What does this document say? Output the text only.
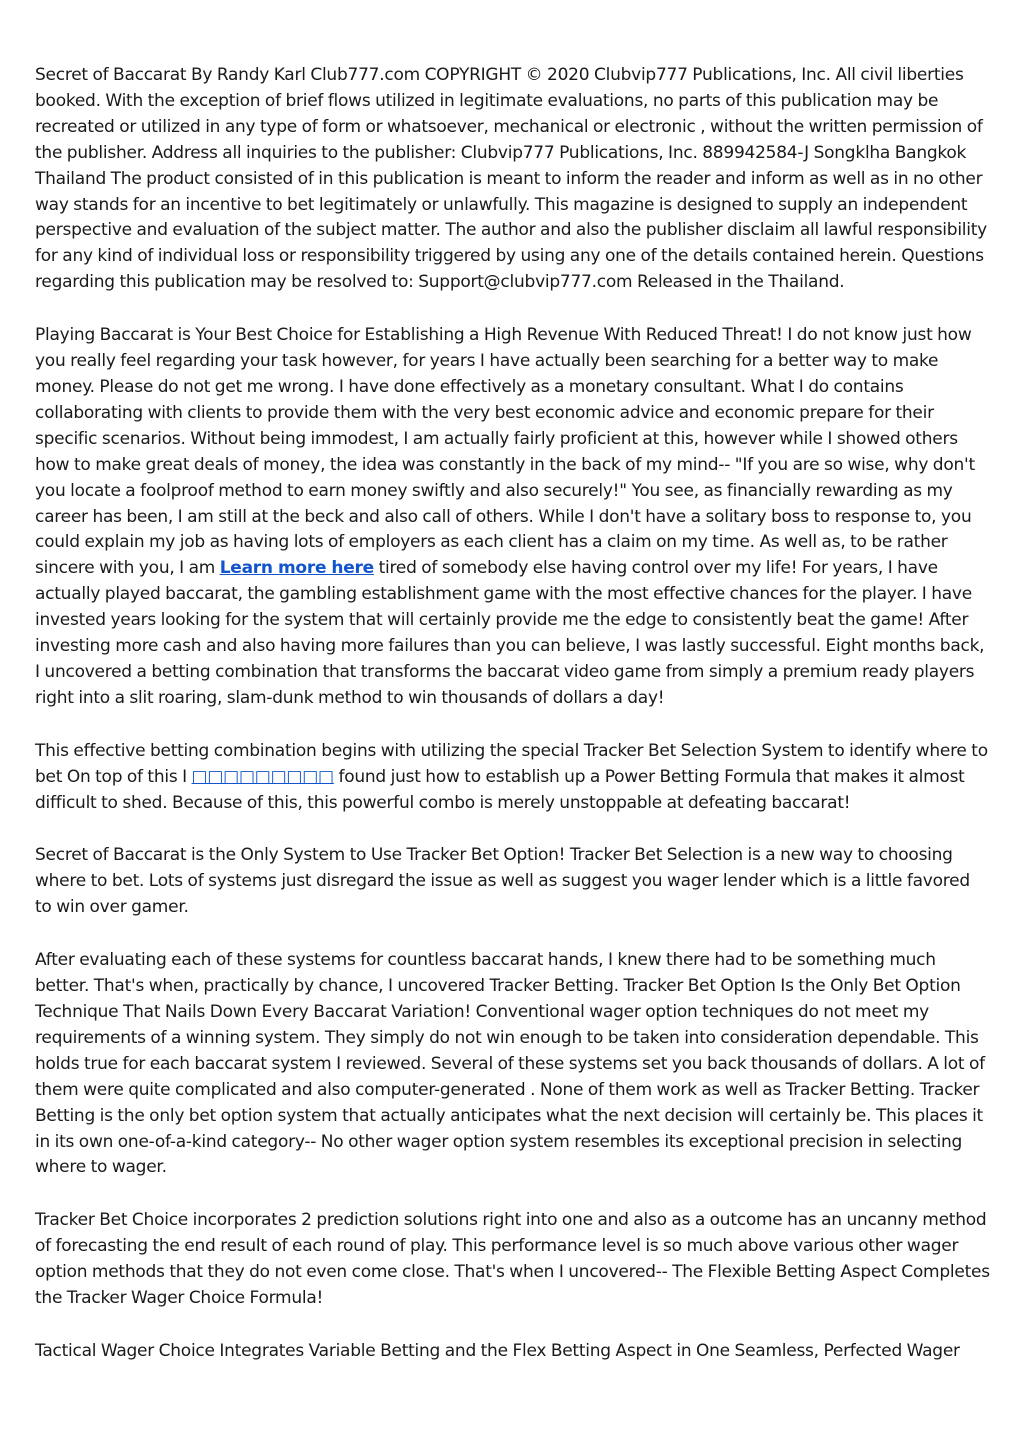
Secret of Baccarat By Randy Karl Club777.com COPYRIGHT © 2020 Clubvip777 Publications, Inc. All civil liberties booked. With the exception of brief flows utilized in legitimate evaluations, no parts of this publication may be recreated or utilized in any type of form or whatsoever, mechanical or electronic , without the written permission of the publisher. Address all inquiries to the publisher: Clubvip777 Publications, Inc. 889942584-J Songklha Bangkok Thailand The product consisted of in this publication is meant to inform the reader and inform as well as in no other way stands for an incentive to bet legitimately or unlawfully. This magazine is designed to supply an independent perspective and evaluation of the subject matter. The author and also the publisher disclaim all lawful responsibility for any kind of individual loss or responsibility triggered by using any one of the details contained herein. Questions regarding this publication may be resolved to: Support@clubvip777.com Released in the Thailand.

Playing Baccarat is Your Best Choice for Establishing a High Revenue With Reduced Threat! I do not know just how you really feel regarding your task however, for years I have actually been searching for a better way to make money. Please do not get me wrong. I have done effectively as a monetary consultant. What I do contains collaborating with clients to provide them with the very best economic advice and economic prepare for their specific scenarios. Without being immodest, I am actually fairly proficient at this, however while I showed others how to make great deals of money, the idea was constantly in the back of my mind-- "If you are so wise, why don't you locate a foolproof method to earn money swiftly and also securely!" You see, as financially rewarding as my career has been, I am still at the beck and also call of others. While I don't have a solitary boss to response to, you could explain my job as having lots of employers as each client has a claim on my time. As well as, to be rather sincere with you, I am Learn more here tired of somebody else having control over my life! For years, I have actually played baccarat, the gambling establishment game with the most effective chances for the player. I have invested years looking for the system that will certainly provide me the edge to consistently beat the game! After investing more cash and also having more failures than you can believe, I was lastly successful. Eight months back, I uncovered a betting combination that transforms the baccarat video game from simply a premium ready players right into a slit roaring, slam-dunk method to win thousands of dollars a day!

This effective betting combination begins with utilizing the special Tracker Bet Selection System to identify where to bet On top of this I □□□□□□□□□ found just how to establish up a Power Betting Formula that makes it almost difficult to shed. Because of this, this powerful combo is merely unstoppable at defeating baccarat!

Secret of Baccarat is the Only System to Use Tracker Bet Option! Tracker Bet Selection is a new way to choosing where to bet. Lots of systems just disregard the issue as well as suggest you wager lender which is a little favored to win over gamer.

After evaluating each of these systems for countless baccarat hands, I knew there had to be something much better. That's when, practically by chance, I uncovered Tracker Betting. Tracker Bet Option Is the Only Bet Option Technique That Nails Down Every Baccarat Variation! Conventional wager option techniques do not meet my requirements of a winning system. They simply do not win enough to be taken into consideration dependable. This holds true for each baccarat system I reviewed. Several of these systems set you back thousands of dollars. A lot of them were quite complicated and also computer-generated . None of them work as well as Tracker Betting. Tracker Betting is the only bet option system that actually anticipates what the next decision will certainly be. This places it in its own one-of-a-kind category-- No other wager option system resembles its exceptional precision in selecting where to wager.

Tracker Bet Choice incorporates 2 prediction solutions right into one and also as a outcome has an uncanny method of forecasting the end result of each round of play. This performance level is so much above various other wager option methods that they do not even come close. That's when I uncovered-- The Flexible Betting Aspect Completes the Tracker Wager Choice Formula!

Tactical Wager Choice Integrates Variable Betting and the Flex Betting Aspect in One Seamless, Perfected Wager
